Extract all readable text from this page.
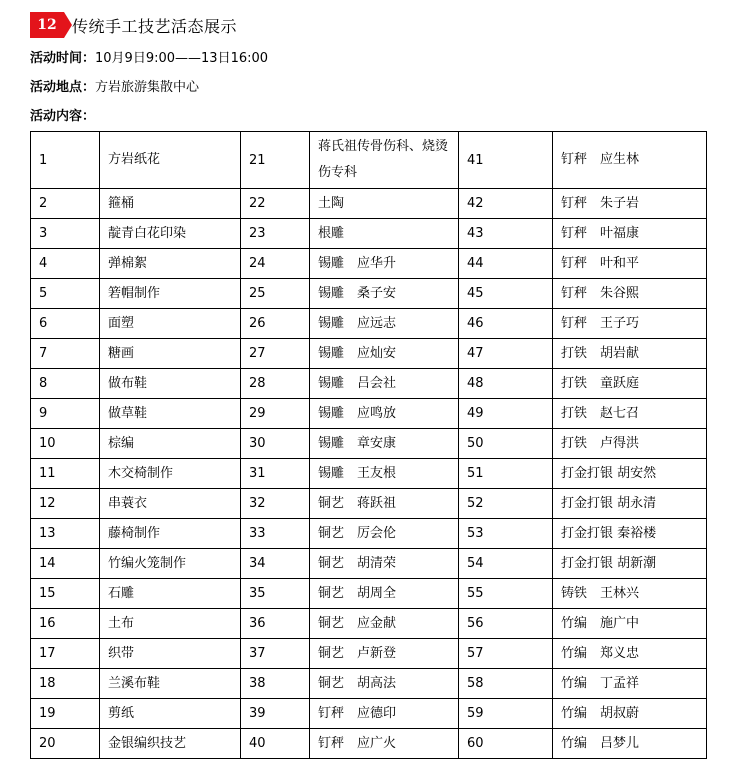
12 传统手工技艺活态展示
活动时间：10月9日9:00——13日16:00
活动地点：方岩旅游集散中心
活动内容：
1	方岩纸花	21	蒋氏祖传骨伤科、烧烫伤专科	41	钉秤　应生林
2	箍桶	22	土陶	42	钉秤　朱子岩
3	靛青白花印染	23	根雕	43	钉秤　叶福康
4	弹棉絮	24	锡雕　应华升	44	钉秤　叶和平
5	箬帽制作	25	锡雕　桑子安	45	钉秤　朱谷熙
6	面塑	26	锡雕　应远志	46	钉秤　王子巧
7	糖画	27	锡雕　应灿安	47	打铁　胡岩献
8	做布鞋	28	锡雕　吕会社	48	打铁　童跃庭
9	做草鞋	29	锡雕　应鸣放	49	打铁　赵七召
10	棕编	30	锡雕　章安康	50	打铁　卢得洪
11	木交椅制作	31	锡雕　王友根	51	打金打银 胡安然
12	串蓑衣	32	铜艺　蒋跃祖	52	打金打银 胡永清
13	藤椅制作	33	铜艺　厉会伦	53	打金打银 秦裕楼
14	竹编火笼制作	34	铜艺　胡清荣	54	打金打银 胡新潮
15	石雕	35	铜艺　胡周全	55	铸铁　王林兴
16	土布	36	铜艺　应金献	56	竹编　施广中
17	织带	37	铜艺　卢新登	57	竹编　郑义忠
18	兰溪布鞋	38	铜艺　胡高法	58	竹编　丁孟祥
19	剪纸	39	钉秤　应德印	59	竹编　胡叔蔚
20	金银编织技艺	40	钉秤　应广火	60	竹编　吕梦儿
